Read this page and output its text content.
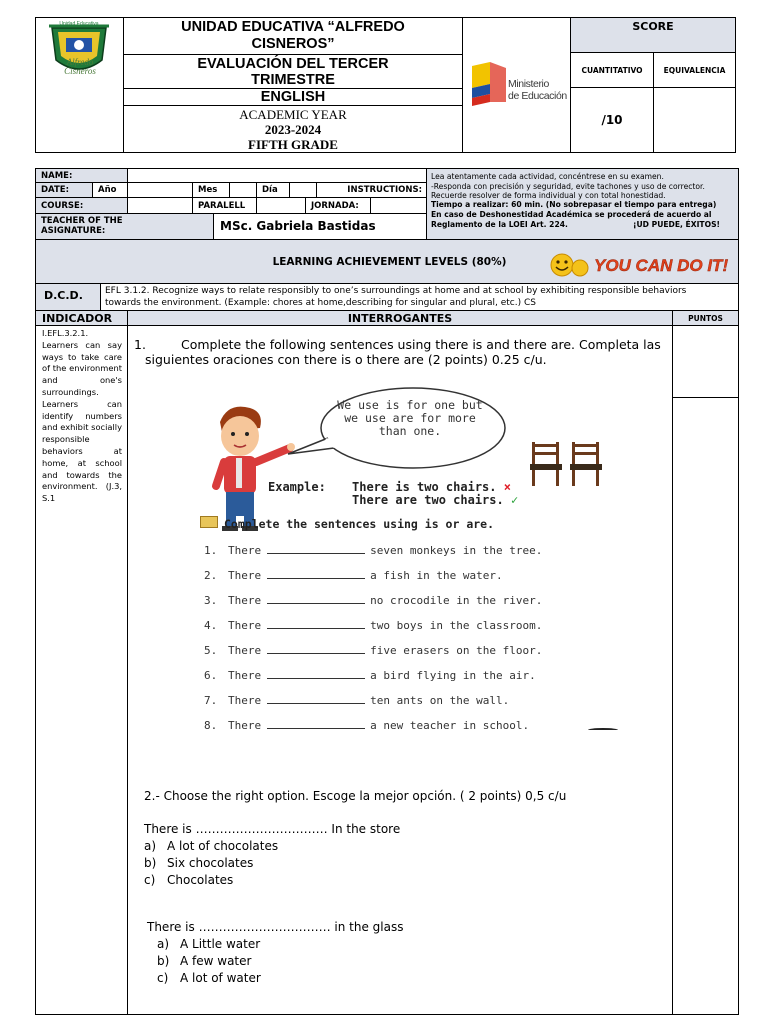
Unidad Educativa
Alfredo
Cisneros
UNIDAD EDUCATIVA “ALFREDO
CISNEROS”
EVALUACIÓN DEL TERCER
TRIMESTRE
ENGLISH
ACADEMIC YEAR
2023-2024
FIFTH GRADE
Ministerio
de Educación
SCORE
CUANTITATIVO	EQUIVALENCIA
/10
NAME:
DATE:	Año	Mes	Día	INSTRUCTIONS:
COURSE:	PARALELL	JORNADA:
TEACHER OF THE
ASIGNATURE:	MSc. Gabriela Bastidas
Lea atentamente cada actividad, concéntrese en su examen.
-Responda con precisión y seguridad, evite tachones y uso de corrector.
Recuerde resolver de forma individual y con total honestidad.
Tiempo a realizar: 60 min. (No sobrepasar el tiempo para entrega)
En caso de Deshonestidad Académica se procederá de acuerdo al
Reglamento de la LOEI Art. 224.	¡UD PUEDE, ÉXITOS!
LEARNING ACHIEVEMENT LEVELS (80%)	YOU CAN DO IT!
D.C.D.	EFL 3.1.2. Recognize ways to relate responsibly to one’s surroundings at home and at school by exhibiting responsible behaviors
towards the environment. (Example: chores at home,describing for singular and plural, etc.) CS
INDICADOR	INTERROGANTES	PUNTOS
I.EFL.3.2.1. Learners can say ways to take care of the environment and one's surroundings. Learners can identify numbers and exhibit socially responsible behaviors at home, at school and towards the environment. (J.3, S.1
1.	Complete the following sentences using there is and there are. Completa las
siguientes oraciones con there is o there are (2 points) 0.25 c/u.
We use is for one but
we use are for more
than one.
Example: There is two chairs. ×
There are two chairs. ✓
Complete the sentences using is or are.
1. There	seven monkeys in the tree.
2. There	a fish in the water.
3. There	no crocodile in the river.
4. There	two boys in the classroom.
5. There	five erasers on the floor.
6. There	a bird flying in the air.
7. There	ten ants on the wall.
8. There	a new teacher in school.
2.- Choose the right option. Escoge la mejor opción. ( 2 points) 0,5 c/u
There is …………………………… In the store
a) A lot of chocolates
b) Six chocolates
c) Chocolates
There is …………………………… in the glass
a) A Little water
b) A few water
c) A lot of water
